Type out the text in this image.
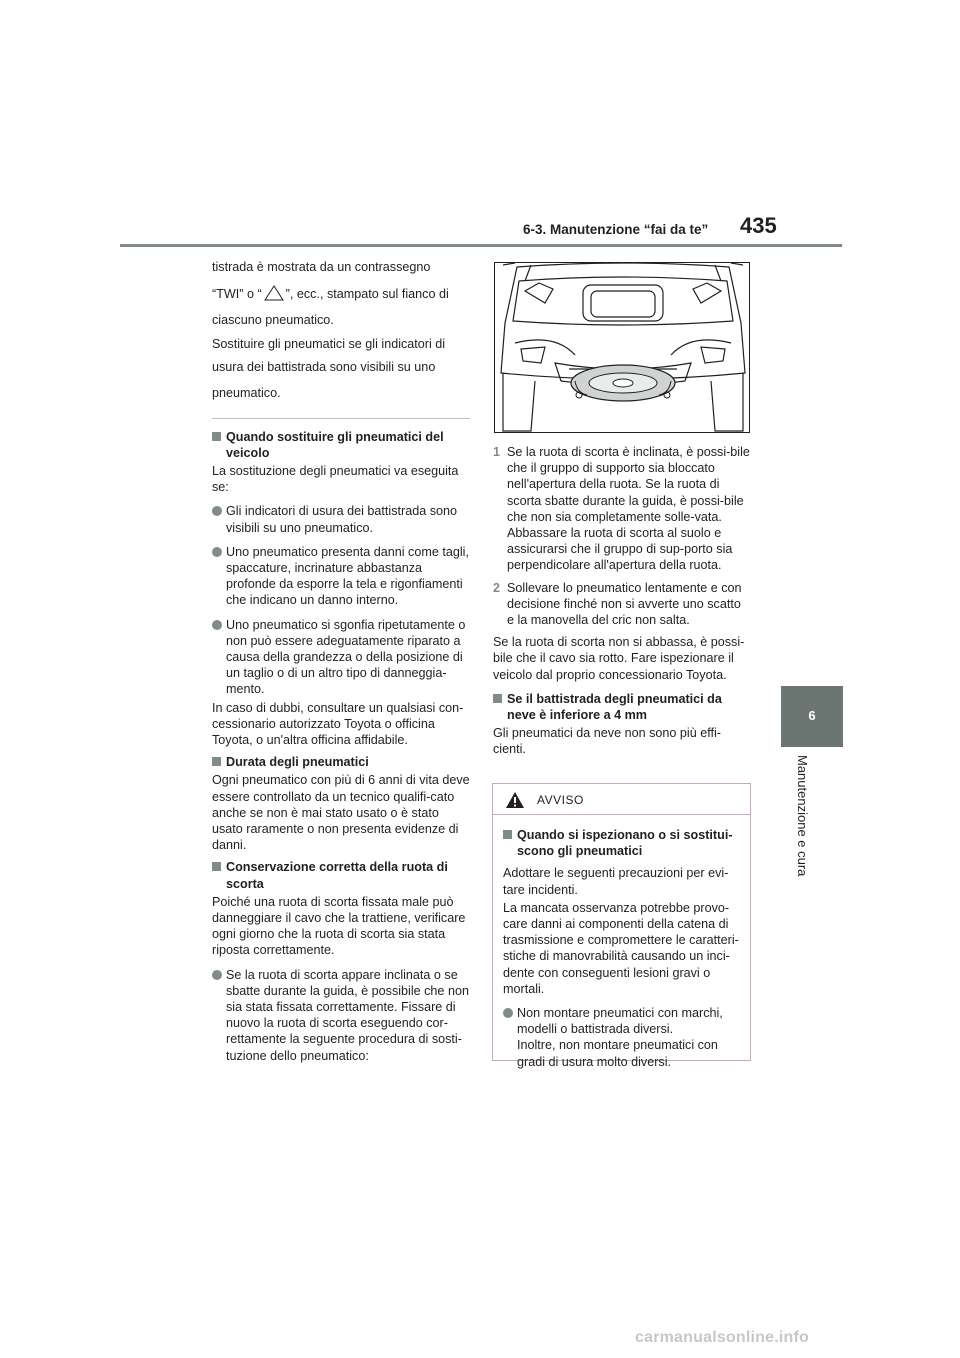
6-3. Manutenzione “fai da te” 435
6
Manutenzione e cura

tistrada è mostrata da un contrassegno

“TWI” o “ ”, ecc., stampato sul fianco di

ciascuno pneumatico.

Sostituire gli pneumatici se gli indicatori di

usura dei battistrada sono visibili su uno

pneumatico.

Quando sostituire gli pneumatici del veicolo
La sostituzione degli pneumatici va eseguita se:
Gli indicatori di usura dei battistrada sono visibili su uno pneumatico.
Uno pneumatico presenta danni come tagli, spaccature, incrinature abbastanza profonde da esporre la tela e rigonfiamenti che indicano un danno interno.
Uno pneumatico si sgonfia ripetutamente o non può essere adeguatamente riparato a causa della grandezza o della posizione di un taglio o di un altro tipo di danneggia-mento.
In caso di dubbi, consultare un qualsiasi con-cessionario autorizzato Toyota o officina Toyota, o un'altra officina affidabile.
Durata degli pneumatici
Ogni pneumatico con più di 6 anni di vita deve essere controllato da un tecnico qualifi-cato anche se non è mai stato usato o è stato usato raramente o non presenta evidenze di danni.
Conservazione corretta della ruota di scorta
Poiché una ruota di scorta fissata male può danneggiare il cavo che la trattiene, verificare ogni giorno che la ruota di scorta sia stata riposta correttamente.
Se la ruota di scorta appare inclinata o se sbatte durante la guida, è possibile che non sia stata fissata correttamente. Fissare di nuovo la ruota di scorta eseguendo cor-rettamente la seguente procedura di sosti-tuzione dello pneumatico:
1 Se la ruota di scorta è inclinata, è possi-bile che il gruppo di supporto sia bloccato nell'apertura della ruota. Se la ruota di scorta sbatte durante la guida, è possi-bile che non sia completamente solle-vata. Abbassare la ruota di scorta al suolo e assicurarsi che il gruppo di sup-porto sia perpendicolare all'apertura della ruota.
2 Sollevare lo pneumatico lentamente e con decisione finché non si avverte uno scatto e la manovella del cric non salta.
Se la ruota di scorta non si abbassa, è possi-bile che il cavo sia rotto. Fare ispezionare il veicolo dal proprio concessionario Toyota.
Se il battistrada degli pneumatici da neve è inferiore a 4 mm
Gli pneumatici da neve non sono più effi-cienti.
AVVISO
Quando si ispezionano o si sostitui-scono gli pneumatici
Adottare le seguenti precauzioni per evi-tare incidenti.
La mancata osservanza potrebbe provo-care danni ai componenti della catena di trasmissione e compromettere le caratteri-stiche di manovrabilità causando un inci-dente con conseguenti lesioni gravi o mortali.
Non montare pneumatici con marchi, modelli o battistrada diversi.
Inoltre, non montare pneumatici con gradi di usura molto diversi.
carmanualsonline.info
